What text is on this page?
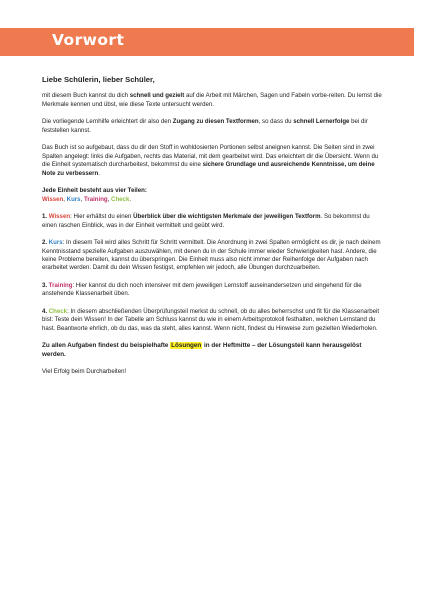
Vorwort

Liebe Schülerin, lieber Schüler,

mit diesem Buch kannst du dich schnell und gezielt auf die Arbeit mit Märchen, Sagen und Fabeln vorbe-reiten. Du lernst die Merkmale kennen und übst, wie diese Texte untersucht werden.

Die vorliegende Lernhilfe erleichtert dir also den Zugang zu diesen Textformen, so dass du schnell Lernerfolge bei dir feststellen kannst.

Das Buch ist so aufgebaut, dass du dir den Stoff in wohldosierten Portionen selbst aneignen kannst. Die Seiten sind in zwei Spalten angelegt: links die Aufgaben, rechts das Material, mit dem gearbeitet wird. Das erleichtert dir die Übersicht. Wenn du die Einheit systematisch durcharbeitest, bekommst du eine sichere Grundlage und ausreichende Kenntnisse, um deine Note zu verbessern.

Jede Einheit besteht aus vier Teilen:
Wissen, Kurs, Training, Check.

1. Wissen: Hier erhältst du einen Überblick über die wichtigsten Merkmale der jeweiligen Textform. So bekommst du einen raschen Einblick, was in der Einheit vermittelt und geübt wird.

2. Kurs: In diesem Teil wird alles Schritt für Schritt vermittelt. Die Anordnung in zwei Spalten ermöglicht es dir, je nach deinem Kenntnisstand spezielle Aufgaben auszuwählen, mit denen du in der Schule immer wieder Schwierigkeiten hast. Andere, die keine Probleme bereiten, kannst du überspringen. Die Einheit muss also nicht immer der Reihenfolge der Aufgaben nach erarbeitet werden. Damit du dein Wissen festigst, empfehlen wir jedoch, alle Übungen durchzuarbeiten.

3. Training: Hier kannst du dich noch intensiver mit dem jeweiligen Lernstoff auseinandersetzen und eingehend für die anstehende Klassenarbeit üben.

4. Check: In diesem abschließenden Überprüfungsteil merkst du schnell, ob du alles beherrschst und fit für die Klassenarbeit bist: Teste dein Wissen! In der Tabelle am Schluss kannst du wie in einem Arbeitsprotokoll festhalten, welchen Lernstand du hast. Beantworte ehrlich, ob du das, was da steht, alles kannst. Wenn nicht, findest du Hinweise zum gezielten Wiederholen.

Zu allen Aufgaben findest du beispielhafte Lösungen in der Heftmitte – der Lösungsteil kann herausgelöst werden.

Viel Erfolg beim Durcharbeiten!
